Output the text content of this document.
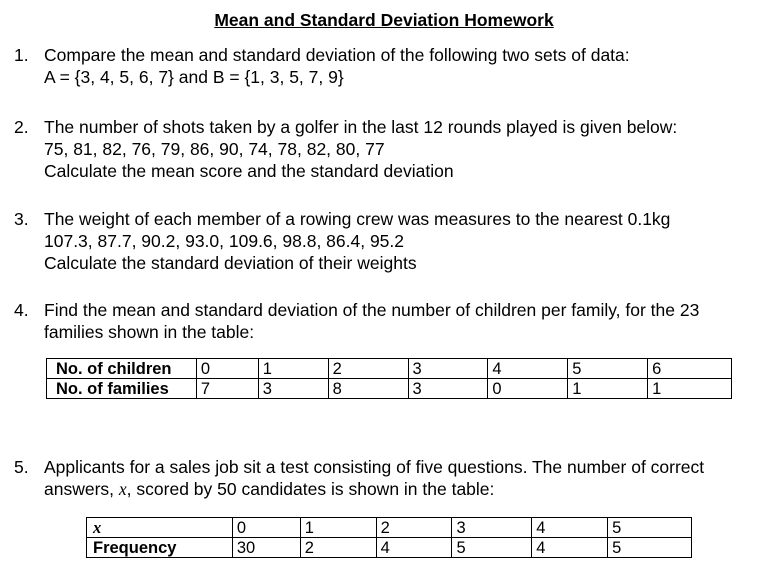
Mean and Standard Deviation Homework
1. Compare the mean and standard deviation of the following two sets of data:
A = {3, 4, 5, 6, 7} and B = {1, 3, 5, 7, 9}
2. The number of shots taken by a golfer in the last 12 rounds played is given below:
75, 81, 82, 76, 79, 86, 90, 74, 78, 82, 80, 77
Calculate the mean score and the standard deviation
3. The weight of each member of a rowing crew was measures to the nearest 0.1kg
107.3, 87.7, 90.2, 93.0, 109.6, 98.8, 86.4, 95.2
Calculate the standard deviation of their weights
4. Find the mean and standard deviation of the number of children per family, for the 23
families shown in the table:
No. of children	0	1	2	3	4	5	6
No. of families	7	3	8	3	0	1	1
5. Applicants for a sales job sit a test consisting of five questions. The number of correct
answers, x, scored by 50 candidates is shown in the table:
x	0	1	2	3	4	5
Frequency	30	2	4	5	4	5
